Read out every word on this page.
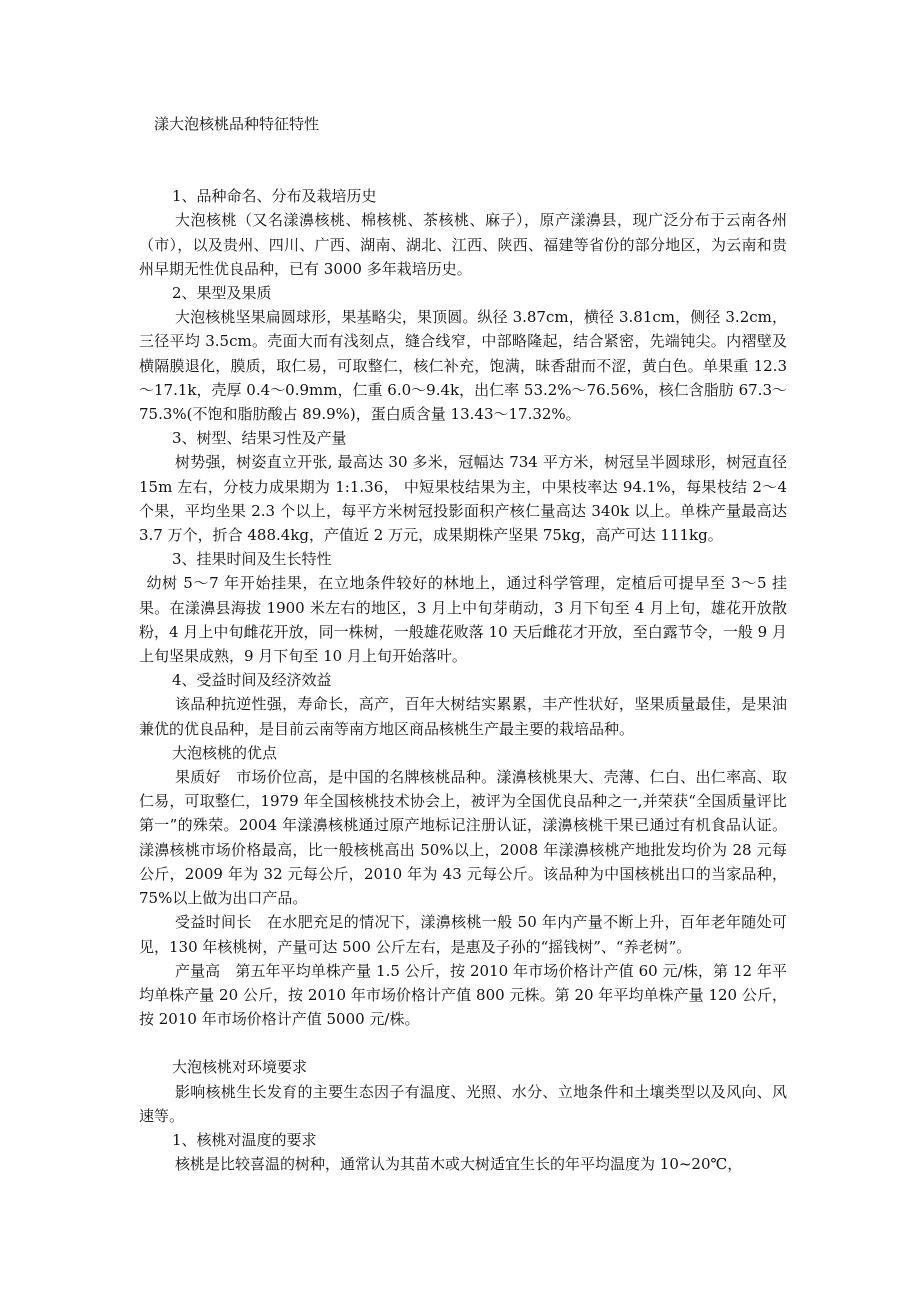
漾大泡核桃品种特征特性

1、品种命名、分布及栽培历史

大泡核桃（又名漾濞核桃、棉核桃、茶核桃、麻子），原产漾濞县，现广泛分布于云南各州（市），以及贵州、四川、广西、湖南、湖北、江西、陕西、福建等省份的部分地区，为云南和贵州早期无性优良品种，已有 3000 多年栽培历史。

2、果型及果质

大泡核桃坚果扁圆球形，果基略尖，果顶圆。纵径 3.87cm，横径 3.81cm，侧径 3.2cm，三径平均 3.5cm。壳面大而有浅刻点，缝合线窄，中部略隆起，结合紧密，先端钝尖。内褶壁及横隔膜退化，膜质，取仁易，可取整仁，核仁补充，饱满，昧香甜而不涩，黄白色。单果重 12.3～17.1k，壳厚 0.4～0.9mm，仁重 6.0～9.4k，出仁率 53.2%～76.56%，核仁含脂肪 67.3～75.3%(不饱和脂肪酸占 89.9%)，蛋白质含量 13.43～17.32%。

3、树型、结果习性及产量

树势强，树姿直立开张, 最高达 30 多米，冠幅达 734 平方米，树冠呈半圆球形，树冠直径 15m 左右，分枝力成果期为 1:1.36， 中短果枝结果为主，中果枝率达 94.1%，每果枝结 2～4 个果，平均坐果 2.3 个以上，每平方米树冠投影面积产核仁量高达 340k 以上。单株产量最高达 3.7 万个，折合 488.4kg，产值近 2 万元，成果期株产坚果 75kg，高产可达 111kg。

3、挂果时间及生长特性

幼树 5～7 年开始挂果，在立地条件较好的林地上，通过科学管理，定植后可提早至 3～5 挂果。在漾濞县海拔 1900 米左右的地区，3 月上中旬芽萌动，3 月下旬至 4 月上旬，雄花开放散粉，4 月上中旬雌花开放，同一株树，一般雄花败落 10 天后雌花才开放，至白露节令，一般 9 月上旬坚果成熟，9 月下旬至 10 月上旬开始落叶。

4、受益时间及经济效益

该品种抗逆性强，寿命长，高产，百年大树结实累累，丰产性状好，坚果质量最佳，是果油兼优的优良品种，是目前云南等南方地区商品核桃生产最主要的栽培品种。

大泡核桃的优点

果质好　市场价位高，是中国的名牌核桃品种。漾濞核桃果大、壳薄、仁白、出仁率高、取仁易，可取整仁，1979 年全国核桃技术协会上，被评为全国优良品种之一,并荣获“全国质量评比第一”的殊荣。2004 年漾濞核桃通过原产地标记注册认证，漾濞核桃干果已通过有机食品认证。漾濞核桃市场价格最高，比一般核桃高出 50%以上，2008 年漾濞核桃产地批发均价为 28 元每公斤，2009 年为 32 元每公斤，2010 年为 43 元每公斤。该品种为中国核桃出口的当家品种，75%以上做为出口产品。

受益时间长　在水肥充足的情况下，漾濞核桃一般 50 年内产量不断上升，百年老年随处可见，130 年核桃树，产量可达 500 公斤左右，是惠及子孙的“摇钱树”、“养老树”。

产量高　第五年平均单株产量 1.5 公斤，按 2010 年市场价格计产值 60 元/株，第 12 年平均单株产量 20 公斤，按 2010 年市场价格计产值 800 元株。第 20 年平均单株产量 120 公斤，按 2010 年市场价格计产值 5000 元/株。

大泡核桃对环境要求

影响核桃生长发育的主要生态因子有温度、光照、水分、立地条件和土壤类型以及风向、风速等。

1、核桃对温度的要求

核桃是比较喜温的树种，通常认为其苗木或大树适宜生长的年平均温度为 10~20℃，
